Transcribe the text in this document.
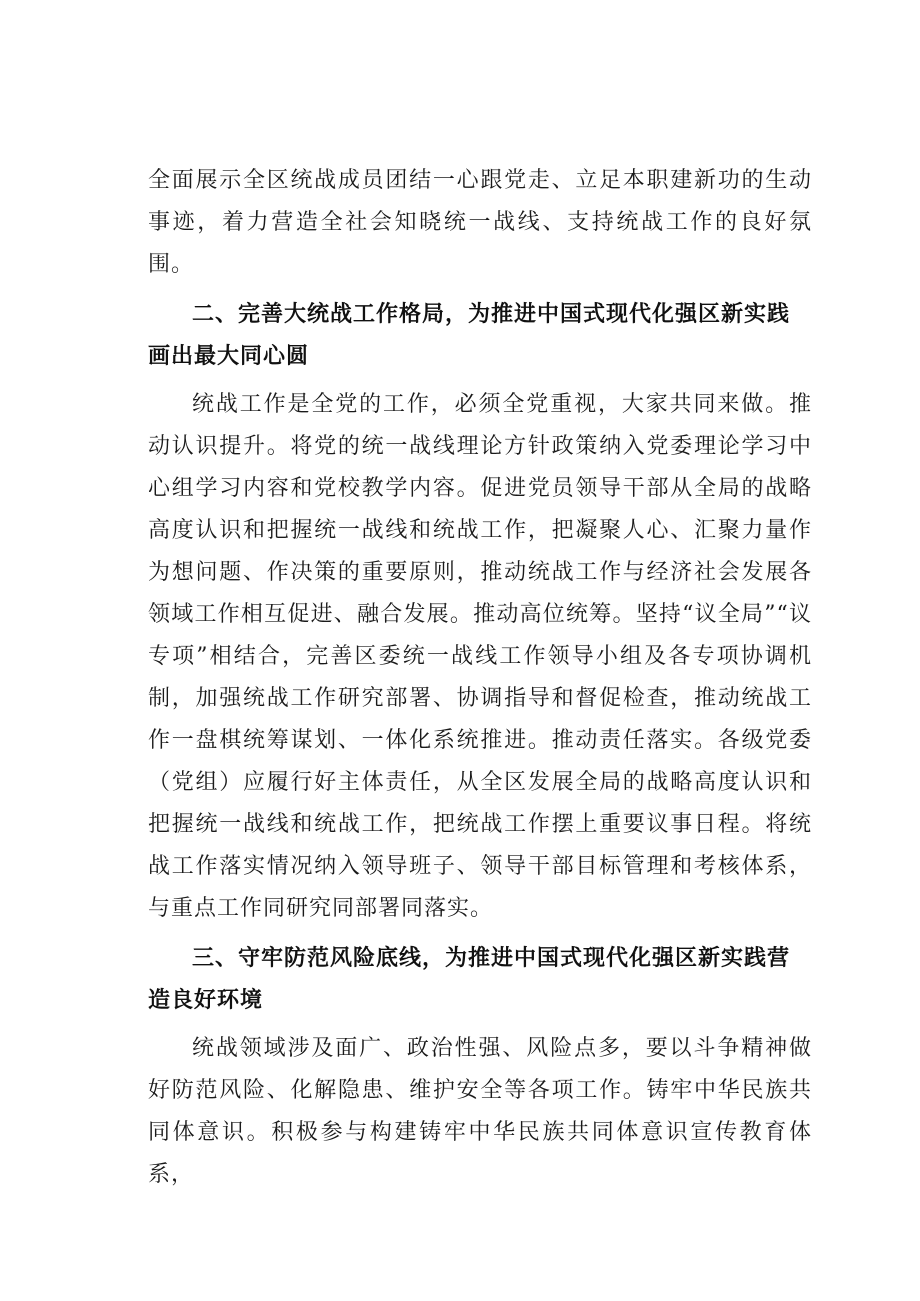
全面展示全区统战成员团结一心跟党走、立足本职建新功的生动事迹，着力营造全社会知晓统一战线、支持统战工作的良好氛围。

二、完善大统战工作格局，为推进中国式现代化强区新实践画出最大同心圆

统战工作是全党的工作，必须全党重视，大家共同来做。推动认识提升。将党的统一战线理论方针政策纳入党委理论学习中心组学习内容和党校教学内容。促进党员领导干部从全局的战略高度认识和把握统一战线和统战工作，把凝聚人心、汇聚力量作为想问题、作决策的重要原则，推动统战工作与经济社会发展各领域工作相互促进、融合发展。推动高位统筹。坚持“议全局”“议专项”相结合，完善区委统一战线工作领导小组及各专项协调机制，加强统战工作研究部署、协调指导和督促检查，推动统战工作一盘棋统筹谋划、一体化系统推进。推动责任落实。各级党委（党组）应履行好主体责任，从全区发展全局的战略高度认识和把握统一战线和统战工作，把统战工作摆上重要议事日程。将统战工作落实情况纳入领导班子、领导干部目标管理和考核体系，与重点工作同研究同部署同落实。

三、守牢防范风险底线，为推进中国式现代化强区新实践营造良好环境

统战领域涉及面广、政治性强、风险点多，要以斗争精神做好防范风险、化解隐患、维护安全等各项工作。铸牢中华民族共同体意识。积极参与构建铸牢中华民族共同体意识宣传教育体系，
